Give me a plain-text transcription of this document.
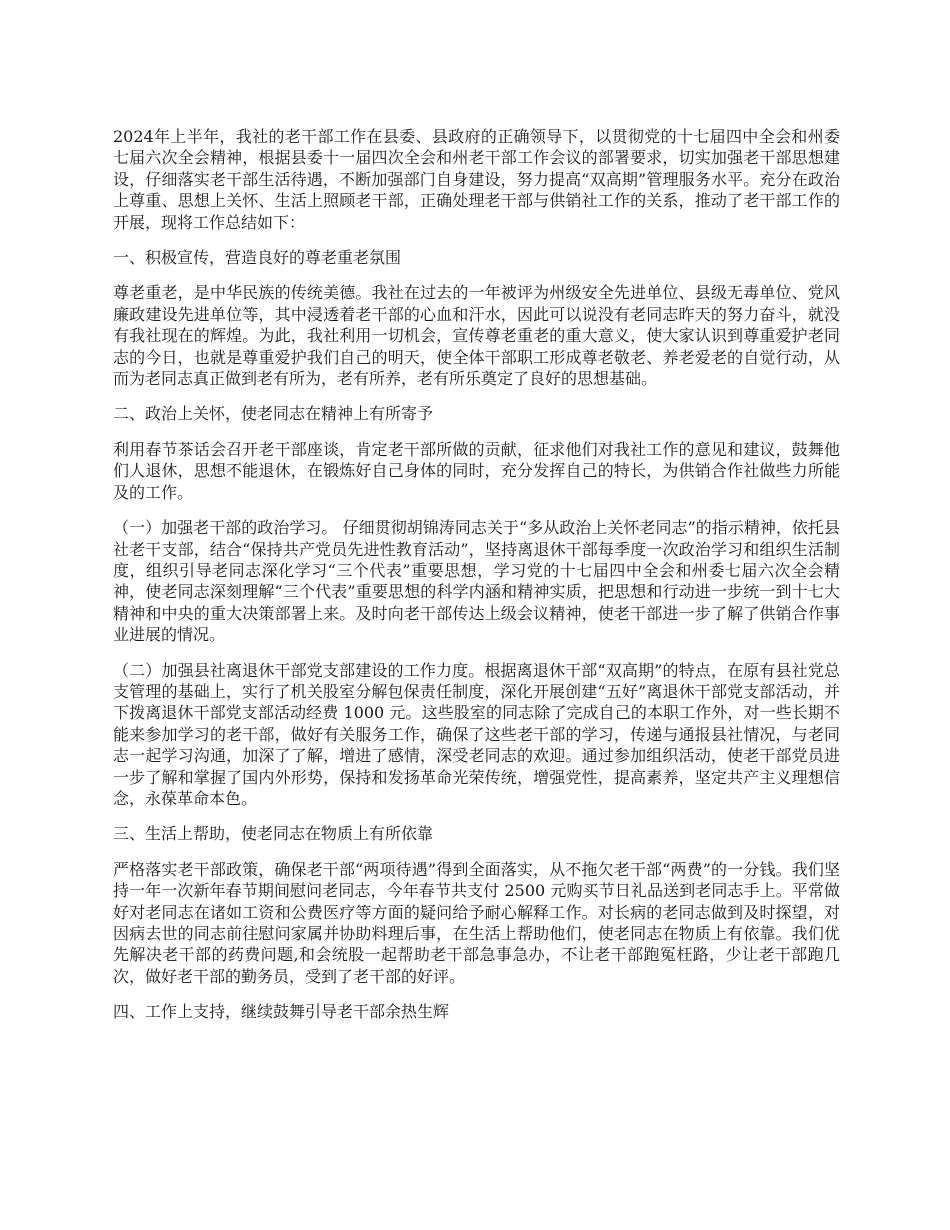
2024年上半年，我社的老干部工作在县委、县政府的正确领导下，以贯彻党的十七届四中全会和州委七届六次全会精神，根据县委十一届四次全会和州老干部工作会议的部署要求，切实加强老干部思想建设，仔细落实老干部生活待遇，不断加强部门自身建设，努力提高“双高期”管理服务水平。充分在政治上尊重、思想上关怀、生活上照顾老干部，正确处理老干部与供销社工作的关系，推动了老干部工作的开展，现将工作总结如下：

一、积极宣传，营造良好的尊老重老氛围

尊老重老，是中华民族的传统美德。我社在过去的一年被评为州级安全先进单位、县级无毒单位、党风廉政建设先进单位等，其中浸透着老干部的心血和汗水，因此可以说没有老同志昨天的努力奋斗，就没有我社现在的辉煌。为此，我社利用一切机会，宣传尊老重老的重大意义，使大家认识到尊重爱护老同志的今日，也就是尊重爱护我们自己的明天，使全体干部职工形成尊老敬老、养老爱老的自觉行动，从而为老同志真正做到老有所为，老有所养，老有所乐奠定了良好的思想基础。

二、政治上关怀，使老同志在精神上有所寄予

利用春节茶话会召开老干部座谈，肯定老干部所做的贡献，征求他们对我社工作的意见和建议，鼓舞他们人退休，思想不能退休，在锻炼好自己身体的同时，充分发挥自己的特长，为供销合作社做些力所能及的工作。

（一）加强老干部的政治学习。 仔细贯彻胡锦涛同志关于“多从政治上关怀老同志”的指示精神，依托县社老干支部，结合“保持共产党员先进性教育活动”，坚持离退休干部每季度一次政治学习和组织生活制度，组织引导老同志深化学习“三个代表”重要思想，学习党的十七届四中全会和州委七届六次全会精神，使老同志深刻理解“三个代表”重要思想的科学内涵和精神实质，把思想和行动进一步统一到十七大精神和中央的重大决策部署上来。及时向老干部传达上级会议精神，使老干部进一步了解了供销合作事业进展的情况。

（二）加强县社离退休干部党支部建设的工作力度。根据离退休干部“双高期”的特点，在原有县社党总支管理的基础上，实行了机关股室分解包保责任制度，深化开展创建“五好”离退休干部党支部活动，并下拨离退休干部党支部活动经费 1000 元。这些股室的同志除了完成自己的本职工作外，对一些长期不能来参加学习的老干部，做好有关服务工作，确保了这些老干部的学习，传递与通报县社情况，与老同志一起学习沟通，加深了了解，增进了感情，深受老同志的欢迎。通过参加组织活动，使老干部党员进一步了解和掌握了国内外形势，保持和发扬革命光荣传统，增强党性，提高素养，坚定共产主义理想信念，永葆革命本色。

三、生活上帮助，使老同志在物质上有所依靠

严格落实老干部政策，确保老干部“两项待遇”得到全面落实，从不拖欠老干部“两费”的一分钱。我们坚持一年一次新年春节期间慰问老同志，今年春节共支付 2500 元购买节日礼品送到老同志手上。平常做好对老同志在诸如工资和公费医疗等方面的疑问给予耐心解释工作。对长病的老同志做到及时探望，对因病去世的同志前往慰问家属并协助料理后事，在生活上帮助他们，使老同志在物质上有依靠。我们优先解决老干部的药费问题,和会统股一起帮助老干部急事急办，不让老干部跑冤枉路，少让老干部跑几次，做好老干部的勤务员，受到了老干部的好评。

四、工作上支持，继续鼓舞引导老干部余热生辉
